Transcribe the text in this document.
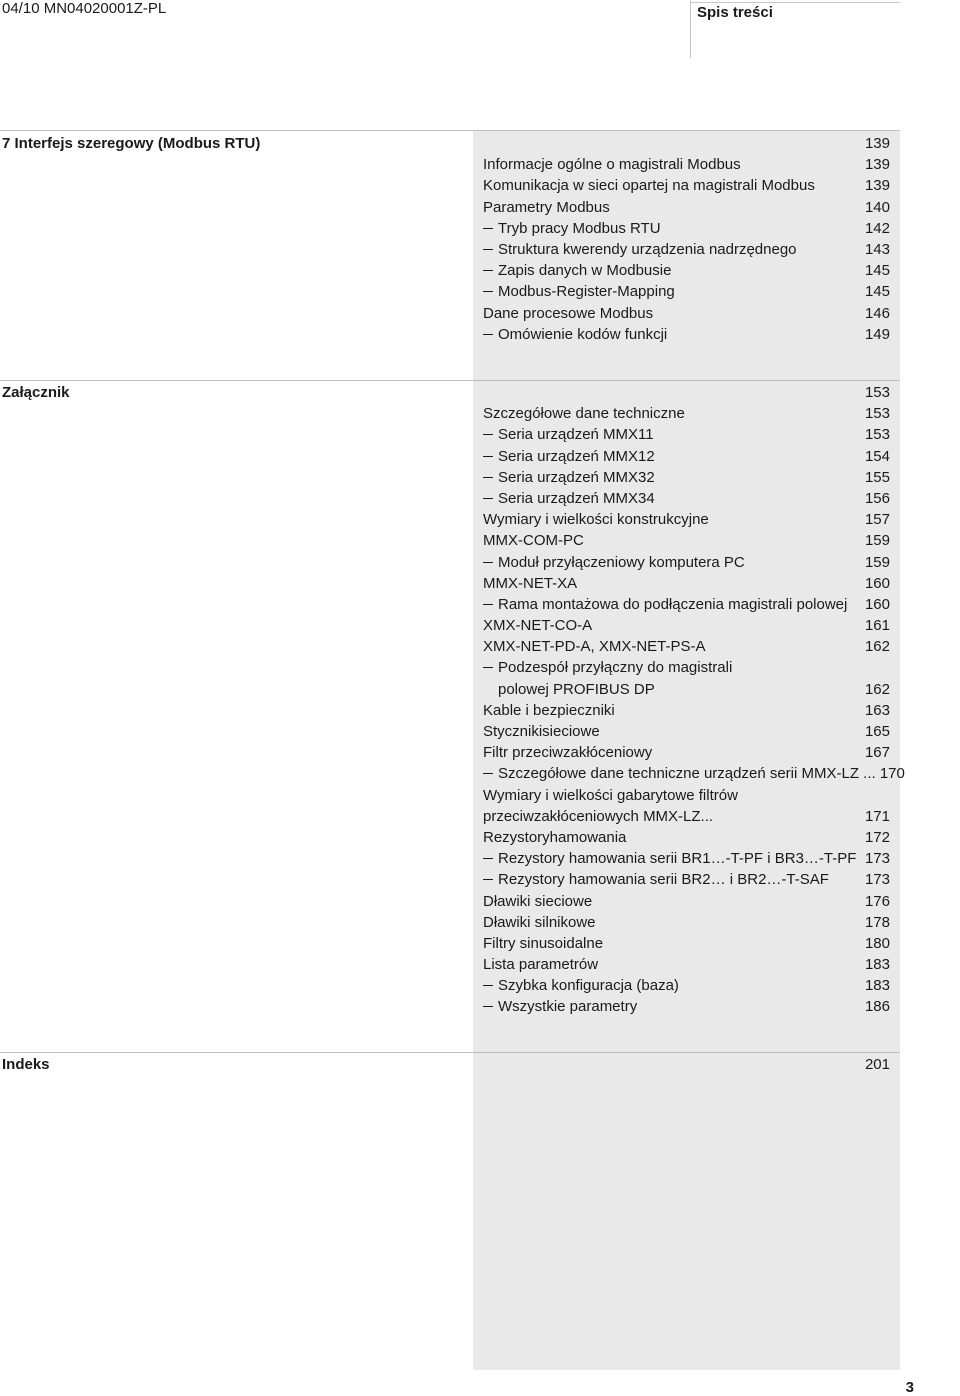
04/10 MN04020001Z-PL	Spis treści
7 Interfejs szeregowy (Modbus RTU)	139
Informacje ogólne o magistrali Modbus	139
Komunikacja w sieci opartej na magistrali Modbus	139
Parametry Modbus	140
Tryb pracy Modbus RTU	142
Struktura kwerendy urządzenia nadrzędnego	143
Zapis danych w Modbusie	145
Modbus-Register-Mapping	145
Dane procesowe Modbus	146
Omówienie kodów funkcji	149
Załącznik	153
Szczegółowe dane techniczne	153
Seria urządzeń MMX11	153
Seria urządzeń MMX12	154
Seria urządzeń MMX32	155
Seria urządzeń MMX34	156
Wymiary i wielkości konstrukcyjne	157
MMX-COM-PC	159
Moduł przyłączeniowy komputera PC	159
MMX-NET-XA	160
Rama montażowa do podłączenia magistrali polowej 160
XMX-NET-CO-A	161
XMX-NET-PD-A, XMX-NET-PS-A	162
Podzespół przyłączny do magistrali
polowej PROFIBUS DP	162
Kable i bezpieczniki	163
Stycznikisieciowe	165
Filtr przeciwzakłóceniowy	167
Szczegółowe dane techniczne urządzeń serii MMX-LZ ... 170
Wymiary i wielkości gabarytowe filtrów
przeciwzakłóceniowych MMX-LZ...	171
Rezystoryhamowania	172
Rezystory hamowania serii BR1…-T-PF i BR3…-T-PF 173
Rezystory hamowania serii BR2… i BR2…-T-SAF 173
Dławiki sieciowe	176
Dławiki silnikowe	178
Filtry sinusoidalne	180
Lista parametrów	183
Szybka konfiguracja (baza)	183
Wszystkie parametry	186
Indeks	201
3
